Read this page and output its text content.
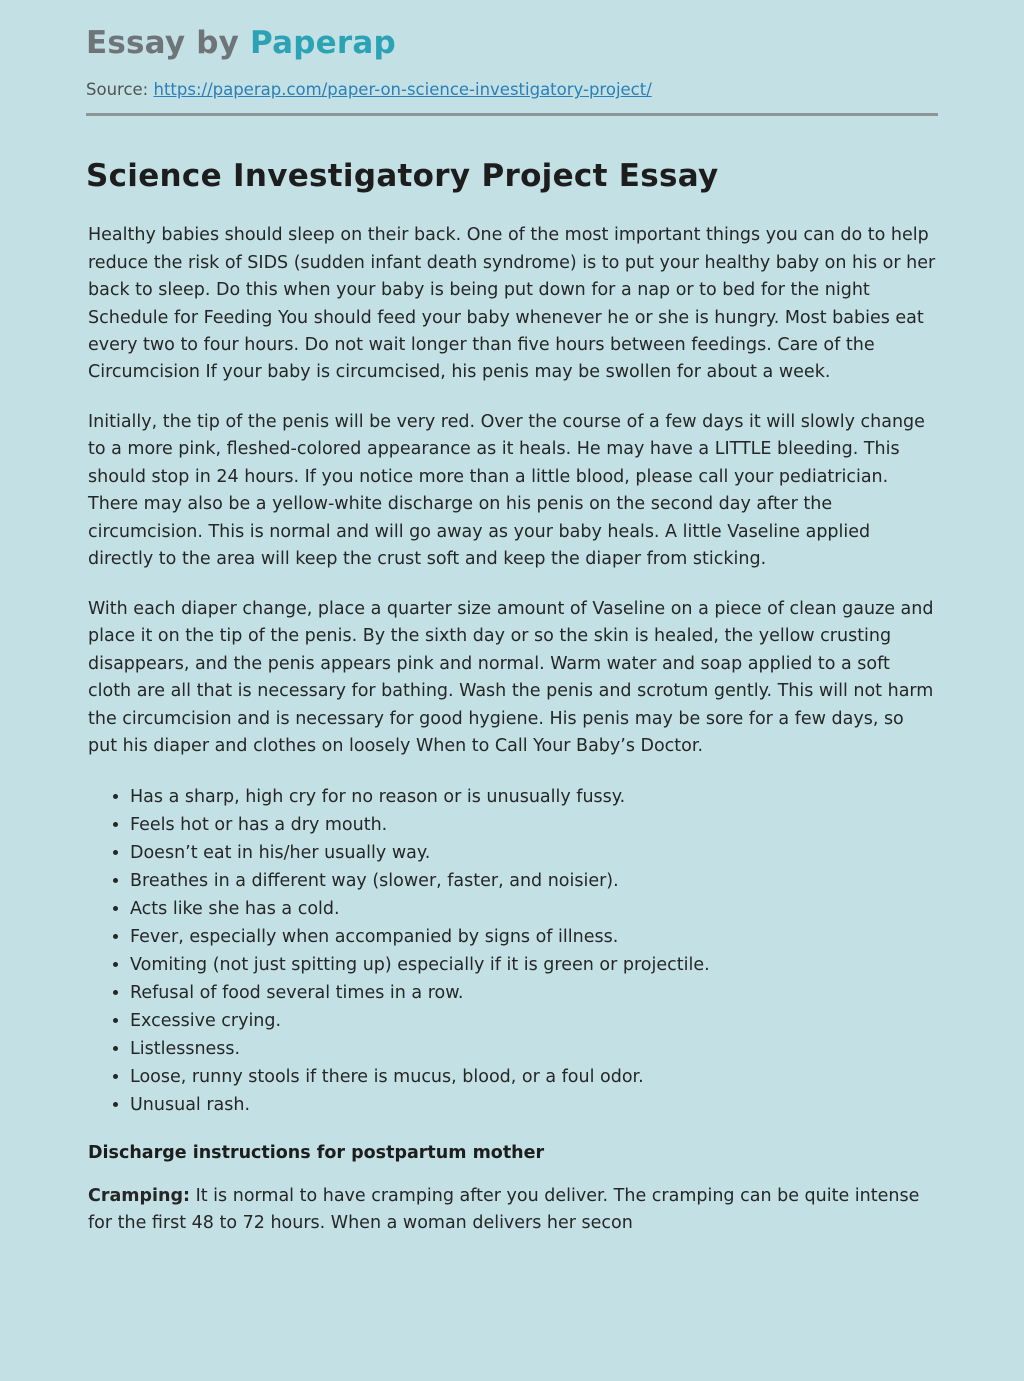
Essay by Paperap
Source: https://paperap.com/paper-on-science-investigatory-project/
Science Investigatory Project Essay

Healthy babies should sleep on their back. One of the most important things you can do to help reduce the risk of SIDS (sudden infant death syndrome) is to put your healthy baby on his or her back to sleep. Do this when your baby is being put down for a nap or to bed for the night Schedule for Feeding You should feed your baby whenever he or she is hungry. Most babies eat every two to four hours. Do not wait longer than five hours between feedings. Care of the Circumcision If your baby is circumcised, his penis may be swollen for about a week.

Initially, the tip of the penis will be very red. Over the course of a few days it will slowly change to a more pink, fleshed-colored appearance as it heals. He may have a LITTLE bleeding. This should stop in 24 hours. If you notice more than a little blood, please call your pediatrician. There may also be a yellow-white discharge on his penis on the second day after the circumcision. This is normal and will go away as your baby heals. A little Vaseline applied directly to the area will keep the crust soft and keep the diaper from sticking.

With each diaper change, place a quarter size amount of Vaseline on a piece of clean gauze and place it on the tip of the penis. By the sixth day or so the skin is healed, the yellow crusting disappears, and the penis appears pink and normal. Warm water and soap applied to a soft cloth are all that is necessary for bathing. Wash the penis and scrotum gently. This will not harm the circumcision and is necessary for good hygiene. His penis may be sore for a few days, so put his diaper and clothes on loosely When to Call Your Baby’s Doctor.

• Has a sharp, high cry for no reason or is unusually fussy.
• Feels hot or has a dry mouth.
• Doesn’t eat in his/her usually way.
• Breathes in a different way (slower, faster, and noisier).
• Acts like she has a cold.
• Fever, especially when accompanied by signs of illness.
• Vomiting (not just spitting up) especially if it is green or projectile.
• Refusal of food several times in a row.
• Excessive crying.
• Listlessness.
• Loose, runny stools if there is mucus, blood, or a foul odor.
• Unusual rash.
Discharge instructions for postpartum mother

Cramping: It is normal to have cramping after you deliver. The cramping can be quite intense for the first 48 to 72 hours. When a woman delivers her secon
